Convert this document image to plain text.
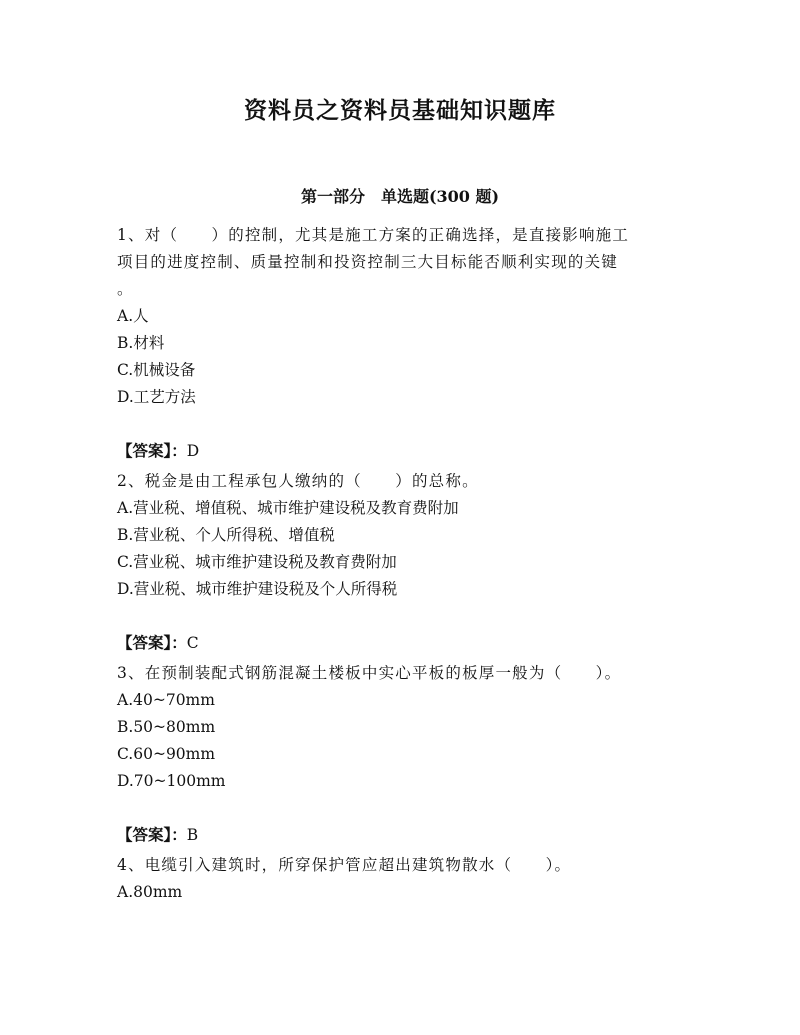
资料员之资料员基础知识题库
第一部分　单选题(300 题)
1、对（　　）的控制，尤其是施工方案的正确选择，是直接影响施工
项目的进度控制、质量控制和投资控制三大目标能否顺利实现的关键
。
A.人
B.材料
C.机械设备
D.工艺方法
【答案】：D
2、税金是由工程承包人缴纳的（　　）的总称。
A.营业税、增值税、城市维护建设税及教育费附加
B.营业税、个人所得税、增值税
C.营业税、城市维护建设税及教育费附加
D.营业税、城市维护建设税及个人所得税
【答案】：C
3、在预制装配式钢筋混凝土楼板中实心平板的板厚一般为（　　）。
A.40~70mm
B.50~80mm
C.60~90mm
D.70~100mm
【答案】：B
4、电缆引入建筑时，所穿保护管应超出建筑物散水（　　）。
A.80mm
